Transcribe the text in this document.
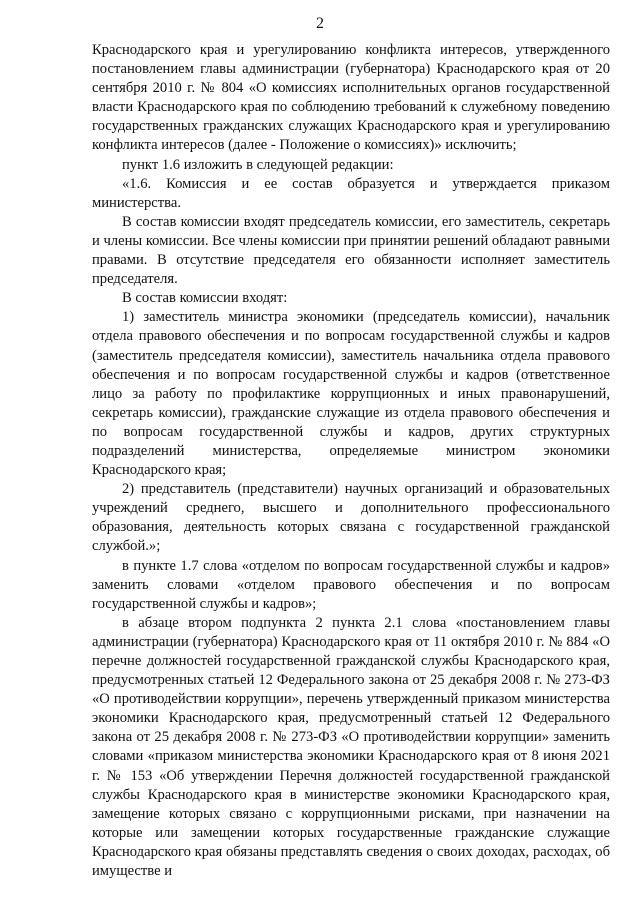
2

Краснодарского края и урегулированию конфликта интересов, утвержденного постановлением главы администрации (губернатора) Краснодарского края от 20 сентября 2010 г. № 804 «О комиссиях исполнительных органов государственной власти Краснодарского края по соблюдению требований к служебному поведению государственных гражданских служащих Краснодарского края и урегулированию конфликта интересов (далее - Положение о комиссиях)» исключить;

пункт 1.6 изложить в следующей редакции:

«1.6. Комиссия и ее состав образуется и утверждается приказом министерства.

В состав комиссии входят председатель комиссии, его заместитель, секретарь и члены комиссии. Все члены комиссии при принятии решений обладают равными правами. В отсутствие председателя его обязанности исполняет заместитель председателя.

В состав комиссии входят:

1) заместитель министра экономики (председатель комиссии), начальник отдела правового обеспечения и по вопросам государственной службы и кадров (заместитель председателя комиссии), заместитель начальника отдела правового обеспечения и по вопросам государственной службы и кадров (ответственное лицо за работу по профилактике коррупционных и иных правонарушений, секретарь комиссии), гражданские служащие из отдела правового обеспечения и по вопросам государственной службы и кадров, других структурных подразделений министерства, определяемые министром экономики Краснодарского края;

2) представитель (представители) научных организаций и образовательных учреждений среднего, высшего и дополнительного профессионального образования, деятельность которых связана с государственной гражданской службой.»;

в пункте 1.7 слова «отделом по вопросам государственной службы и кадров» заменить словами «отделом правового обеспечения и по вопросам государственной службы и кадров»;

в абзаце втором подпункта 2 пункта 2.1 слова «постановлением главы администрации (губернатора) Краснодарского края от 11 октября 2010 г. № 884 «О перечне должностей государственной гражданской службы Краснодарского края, предусмотренных статьей 12 Федерального закона от 25 декабря 2008 г. № 273-ФЗ «О противодействии коррупции», перечень утвержденный приказом министерства экономики Краснодарского края, предусмотренный статьей 12 Федерального закона от 25 декабря 2008 г. № 273-ФЗ «О противодействии коррупции» заменить словами «приказом министерства экономики Краснодарского края от 8 июня 2021 г. № 153 «Об утверждении Перечня должностей государственной гражданской службы Краснодарского края в министерстве экономики Краснодарского края, замещение которых связано с коррупционными рисками, при назначении на которые или замещении которых государственные гражданские служащие Краснодарского края обязаны представлять сведения о своих доходах, расходах, об имуществе и
